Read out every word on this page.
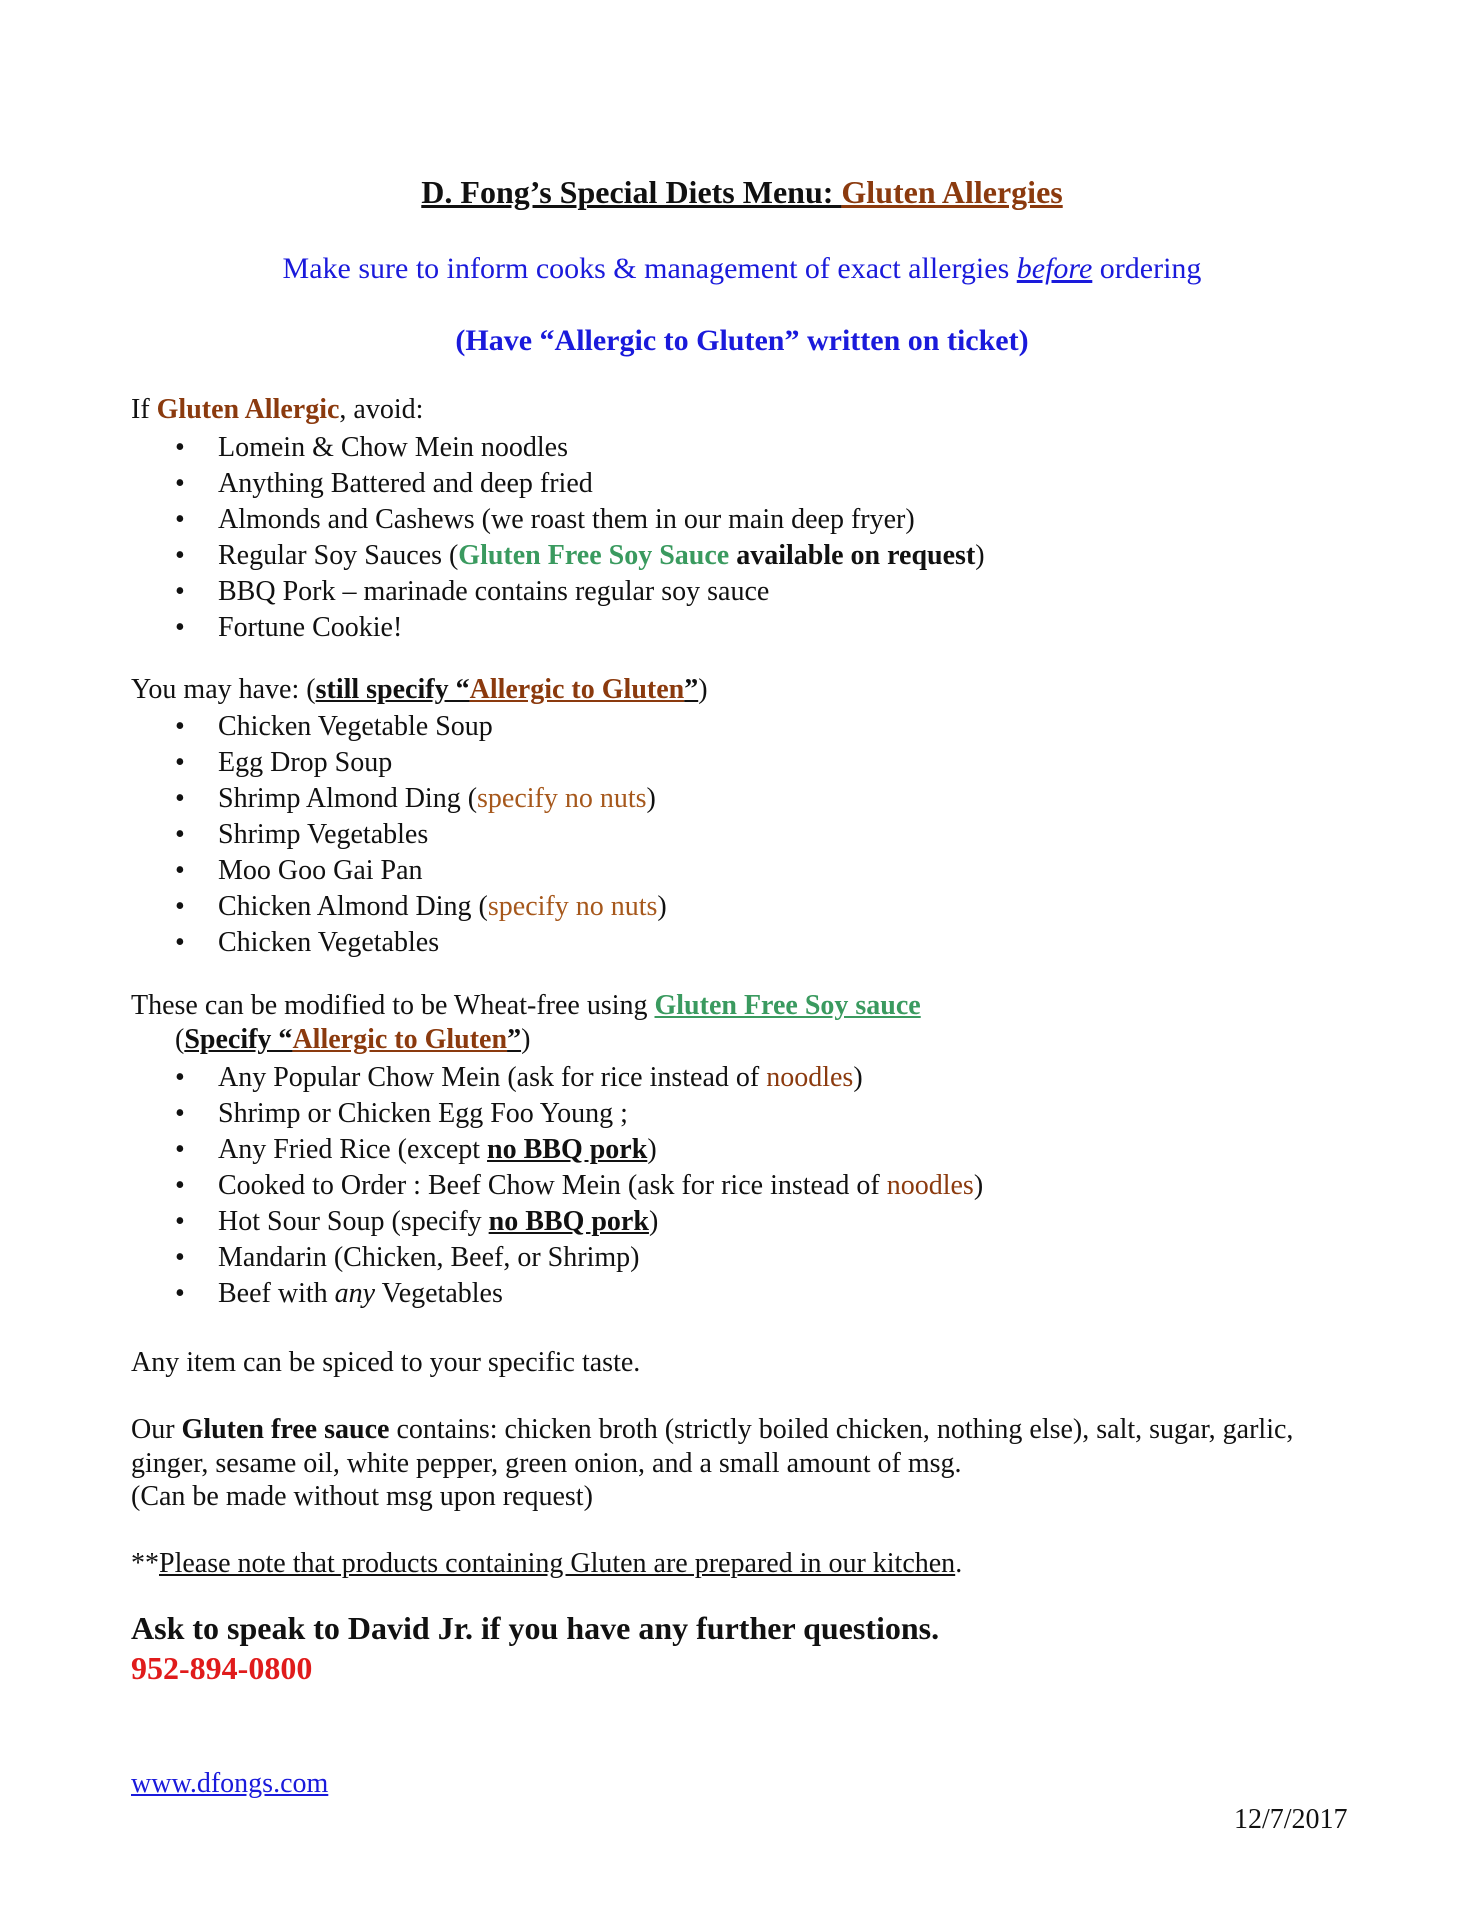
D. Fong’s Special Diets Menu: Gluten Allergies
Make sure to inform cooks & management of exact allergies before ordering
(Have “Allergic to Gluten” written on ticket)
If Gluten Allergic, avoid:
• Lomein & Chow Mein noodles
• Anything Battered and deep fried
• Almonds and Cashews (we roast them in our main deep fryer)
• Regular Soy Sauces (Gluten Free Soy Sauce available on request)
• BBQ Pork – marinade contains regular soy sauce
• Fortune Cookie!
You may have: (still specify “Allergic to Gluten”)
• Chicken Vegetable Soup
• Egg Drop Soup
• Shrimp Almond Ding (specify no nuts)
• Shrimp Vegetables
• Moo Goo Gai Pan
• Chicken Almond Ding (specify no nuts)
• Chicken Vegetables
These can be modified to be Wheat-free using Gluten Free Soy sauce
(Specify “Allergic to Gluten”)
• Any Popular Chow Mein (ask for rice instead of noodles)
• Shrimp or Chicken Egg Foo Young ;
• Any Fried Rice (except no BBQ pork)
• Cooked to Order : Beef Chow Mein (ask for rice instead of noodles)
• Hot Sour Soup (specify no BBQ pork)
• Mandarin (Chicken, Beef, or Shrimp)
• Beef with any Vegetables
Any item can be spiced to your specific taste.
Our Gluten free sauce contains: chicken broth (strictly boiled chicken, nothing else), salt, sugar, garlic,
ginger, sesame oil, white pepper, green onion, and a small amount of msg.
(Can be made without msg upon request)
**Please note that products containing Gluten are prepared in our kitchen.
Ask to speak to David Jr. if you have any further questions.
952-894-0800
www.dfongs.com
12/7/2017
